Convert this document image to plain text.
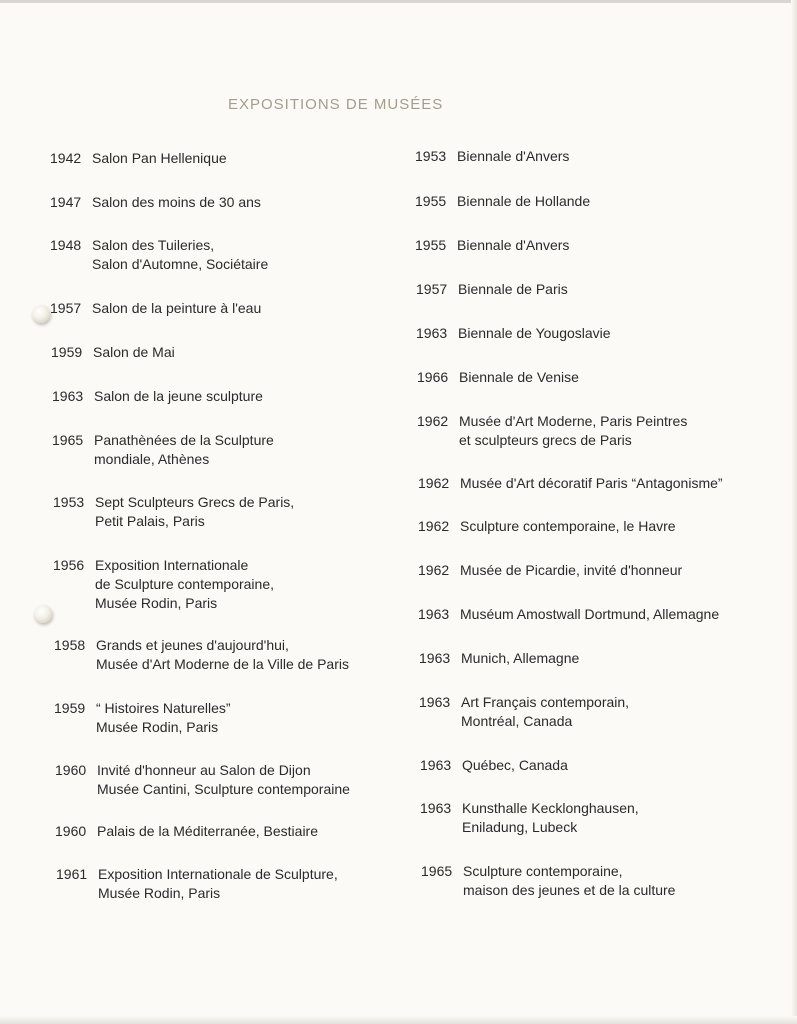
EXPOSITIONS DE MUSÉES
1942 Salon Pan Hellenique
1947 Salon des moins de 30 ans
1948 Salon des Tuileries,
Salon d'Automne, Sociétaire
1957 Salon de la peinture à l'eau
1959 Salon de Mai
1963 Salon de la jeune sculpture
1965 Panathènées de la Sculpture
mondiale, Athènes
1953 Sept Sculpteurs Grecs de Paris,
Petit Palais, Paris
1956 Exposition Internationale
de Sculpture contemporaine,
Musée Rodin, Paris
1958 Grands et jeunes d'aujourd'hui,
Musée d'Art Moderne de la Ville de Paris
1959 “ Histoires Naturelles”
Musée Rodin, Paris
1960 Invité d'honneur au Salon de Dijon
Musée Cantini, Sculpture contemporaine
1960 Palais de la Méditerranée, Bestiaire
1961 Exposition Internationale de Sculpture,
Musée Rodin, Paris
1953 Biennale d'Anvers
1955 Biennale de Hollande
1955 Biennale d'Anvers
1957 Biennale de Paris
1963 Biennale de Yougoslavie
1966 Biennale de Venise
1962 Musée d'Art Moderne, Paris Peintres
et sculpteurs grecs de Paris
1962 Musée d'Art décoratif Paris “Antagonisme”
1962 Sculpture contemporaine, le Havre
1962 Musée de Picardie, invité d'honneur
1963 Muséum Amostwall Dortmund, Allemagne
1963 Munich, Allemagne
1963 Art Français contemporain,
Montréal, Canada
1963 Québec, Canada
1963 Kunsthalle Kecklonghausen,
Eniladung, Lubeck
1965 Sculpture contemporaine,
maison des jeunes et de la culture
